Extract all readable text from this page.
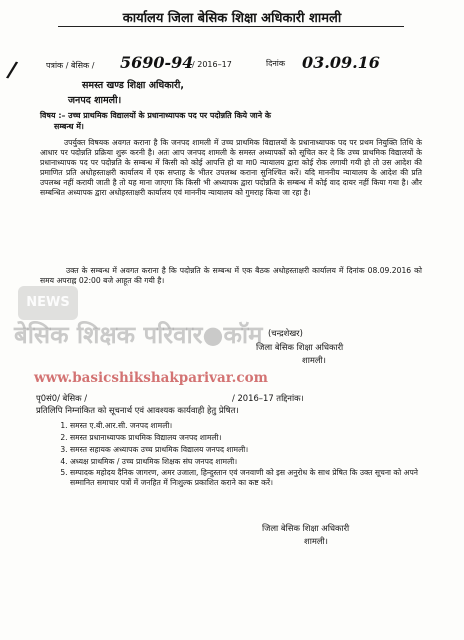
कार्यालय जिला बेसिक शिक्षा अधिकारी शामली
/	पत्रांक / बेसिक / 5690-94
/ 2016–17	दिनांक 03.09.16
समस्त खण्ड शिक्षा अधिकारी,
जनपद शामली।
विषय :– उच्च प्राथमिक विद्यालयों के प्रधानाध्यापक पद पर पदोन्नति किये जाने के
सम्बन्ध में।
उपर्युक्त विषयक अवगत कराना है कि जनपद शामली में उच्च प्राथमिक विद्यालयों के प्रधानाध्यापक पद पर प्रथम नियुक्ति तिथि के आधार पर पदोन्नति प्रक्रिया शुरू करनी है। अतः आप जनपद शामली के समस्त अध्यापकों को सूचित कर दे कि उच्च प्राथमिक विद्यालयों के प्रधानाध्यापक पद पर पदोन्नति के सम्बन्ध में किसी को कोई आपत्ति हो या मा0 न्यायालय द्वारा कोई रोक लगायी गयी हो तो उस आदेश की प्रमाणित प्रति अधोहस्ताक्षरी कार्यालय में एक सप्ताह के भीतर उपलब्ध कराना सुनिश्चित करें। यदि माननीय न्यायालय के आदेश की प्रति उपलब्ध नहीं करायी जाती है तो यह माना जाएगा कि किसी भी अध्यापक द्वारा पदोन्नति के सम्बन्ध में कोई वाद दायर नहीं किया गया है। और सम्बन्धित अध्यापक द्वारा अधोहस्ताक्षरी कार्यालय एवं माननीय न्यायालय को गुमराह किया जा रहा है।
उक्त के सम्बन्ध में अवगत कराना है कि पदोन्नति के सम्बन्ध में एक बैठक अधोहस्ताक्षरी कार्यालय में दिनांक 08.09.2016 को समय अपराह्न 02:00 बजे आहूत की गयी है।
NEWS
बेसिक शिक्षक परिवार●कॉम
www.basicshikshakparivar.com
(चन्द्रशेखर)
जिला बेसिक शिक्षा अधिकारी
शामली।
पृ0सं0/ बेसिक /	/ 2016–17 तद्दिनांक।
प्रतिलिपि निम्नांकित को सूचनार्थ एवं आवश्यक कार्यवाही हेतु प्रेषित।
1. समस्त ए.बी.आर.सी. जनपद शामली।
2. समस्त प्रधानाध्यापक प्राथमिक विद्यालय जनपद शामली।
3. समस्त सहायक अध्यापक उच्च प्राथमिक विद्यालय जनपद शामली।
4. अध्यक्ष प्राथमिक / उच्च प्राथमिक शिक्षक संघ जनपद शामली।
5. सम्पादक महोदय दैनिक जागरण, अमर उजाला, हिन्दुस्तान एवं जनवाणी को इस अनुरोध के साथ प्रेषित कि उक्त सूचना को अपने सम्मानित समाचार पत्रों में जनहित में निःशुल्क प्रकाशित कराने का कष्ट करें।
जिला बेसिक शिक्षा अधिकारी
शामली।
